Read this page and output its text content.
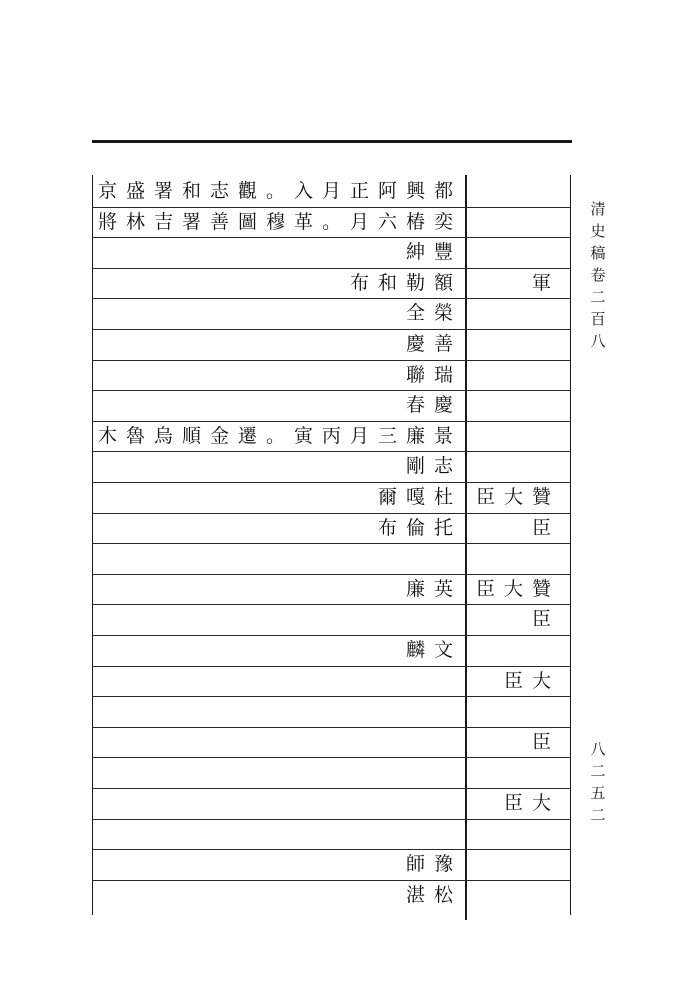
京盛署和志觀。入月正阿興都
將林吉署善圖穆革。月六椿奕
紳豐
布和勒額	軍
全榮
慶善
聯瑞
春慶
木魯烏順金遷。寅丙月三廉景
剛志
爾嘎杜 臣大贊
布倫托	臣
廉英 臣大贊
臣
麟文
臣大
臣
臣大
師豫
湛松
清史稿卷二百八
八二五二
